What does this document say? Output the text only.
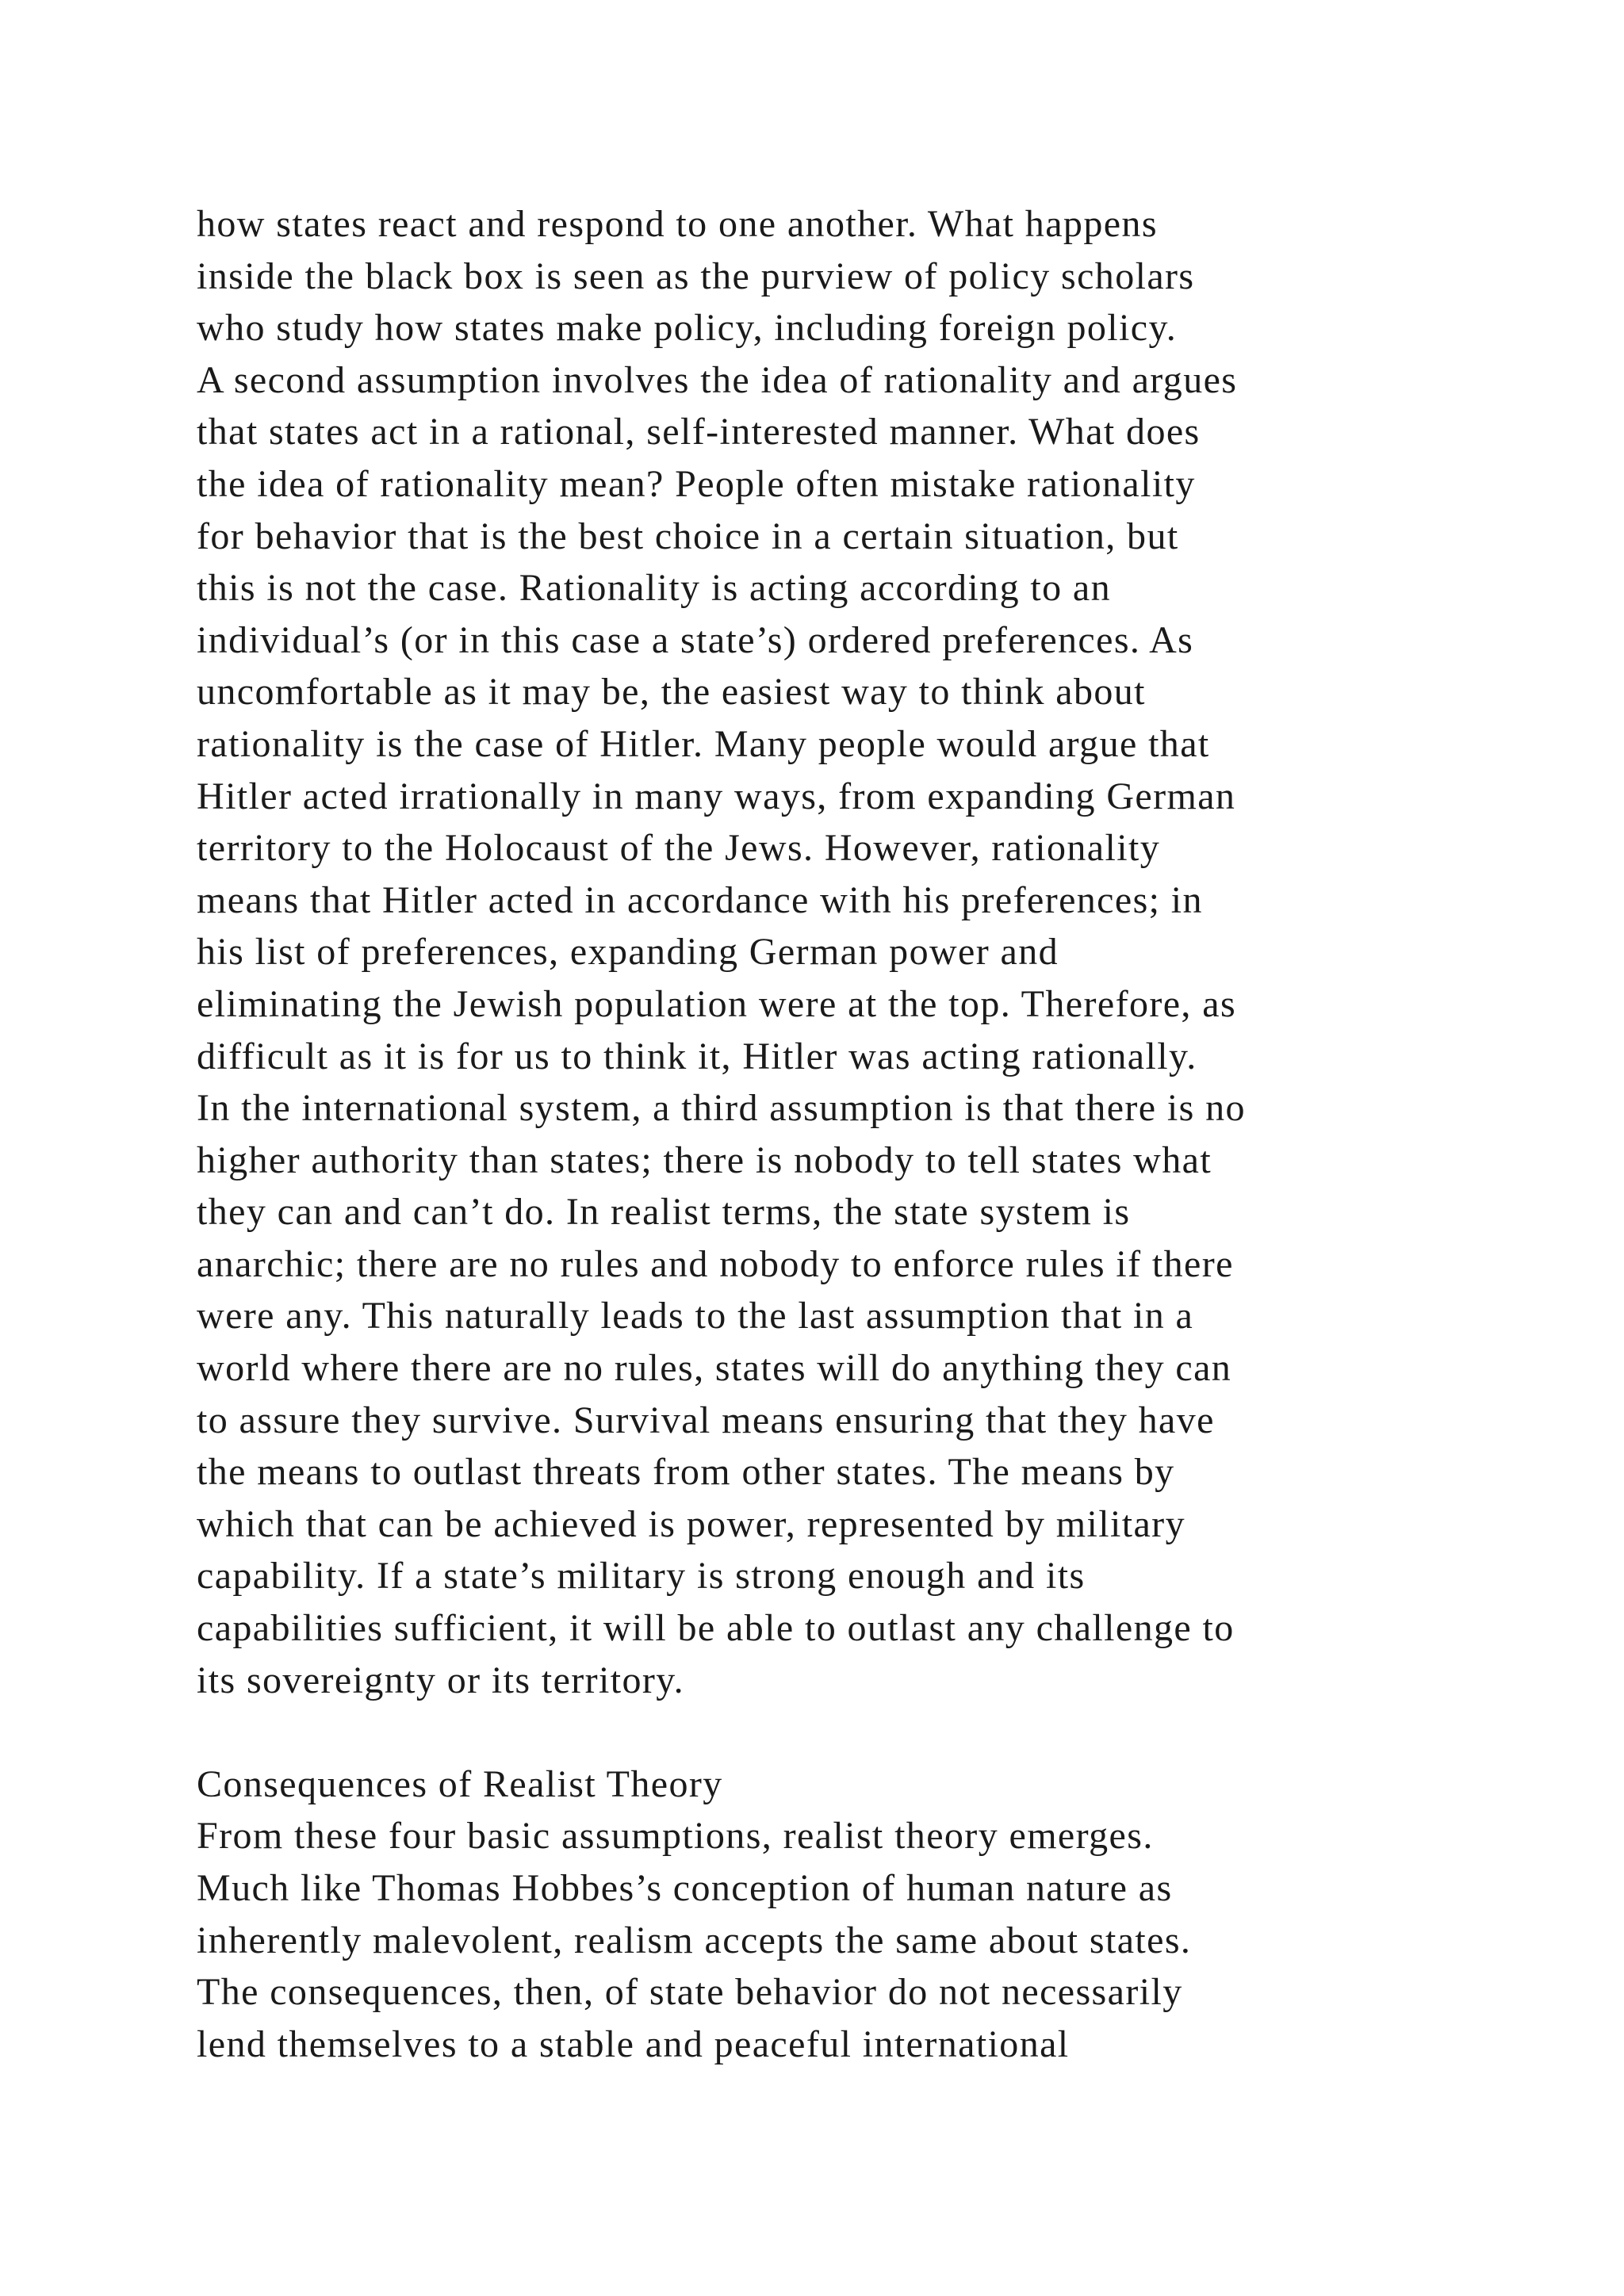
how states react and respond to one another. What happens
inside the black box is seen as the purview of policy scholars
who study how states make policy, including foreign policy.
A second assumption involves the idea of rationality and argues
that states act in a rational, self-interested manner. What does
the idea of rationality mean? People often mistake rationality
for behavior that is the best choice in a certain situation, but
this is not the case. Rationality is acting according to an
individual’s (or in this case a state’s) ordered preferences. As
uncomfortable as it may be, the easiest way to think about
rationality is the case of Hitler. Many people would argue that
Hitler acted irrationally in many ways, from expanding German
territory to the Holocaust of the Jews. However, rationality
means that Hitler acted in accordance with his preferences; in
his list of preferences, expanding German power and
eliminating the Jewish population were at the top. Therefore, as
difficult as it is for us to think it, Hitler was acting rationally.
In the international system, a third assumption is that there is no
higher authority than states; there is nobody to tell states what
they can and can’t do. In realist terms, the state system is
anarchic; there are no rules and nobody to enforce rules if there
were any. This naturally leads to the last assumption that in a
world where there are no rules, states will do anything they can
to assure they survive. Survival means ensuring that they have
the means to outlast threats from other states. The means by
which that can be achieved is power, represented by military
capability. If a state’s military is strong enough and its
capabilities sufficient, it will be able to outlast any challenge to
its sovereignty or its territory.
Consequences of Realist Theory
From these four basic assumptions, realist theory emerges.
Much like Thomas Hobbes’s conception of human nature as
inherently malevolent, realism accepts the same about states.
The consequences, then, of state behavior do not necessarily
lend themselves to a stable and peaceful international
